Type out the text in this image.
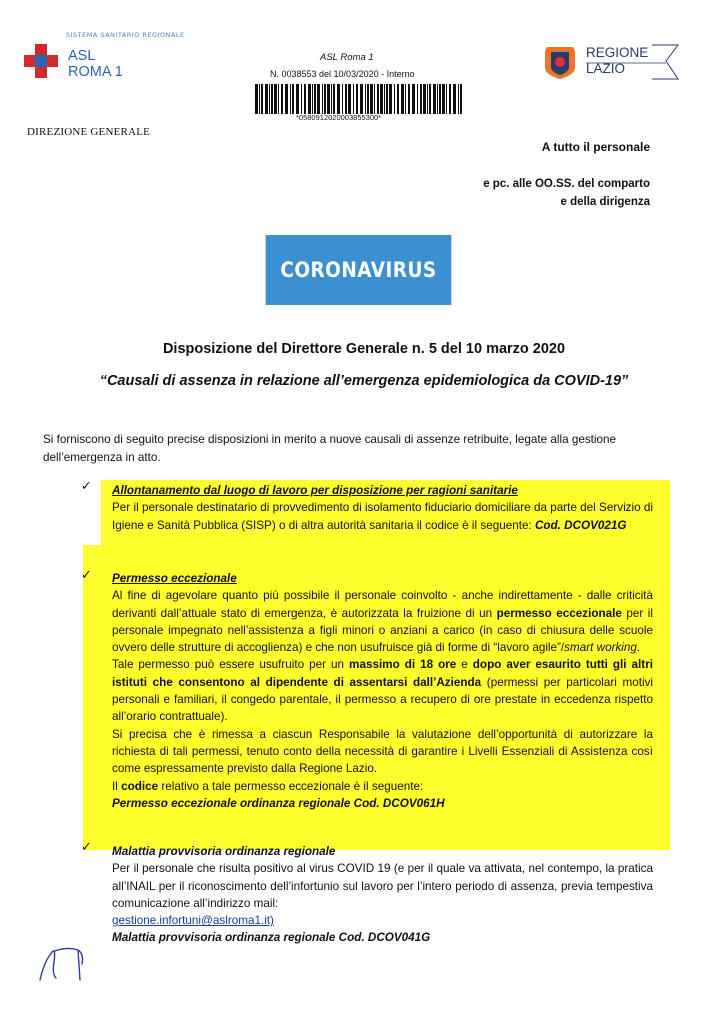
SISTEMA SANITARIO REGIONALE
ASL
ROMA 1
ASL Roma 1
N. 0038553 del 10/03/2020 - Interno
*0580912020003855300*
REGIONE
LAZIO
DIREZIONE GENERALE
A tutto il personale
e pc. alle OO.SS. del comparto
e della dirigenza
CORONAVIRUS
Disposizione del Direttore Generale n. 5 del 10 marzo 2020
“Causali di assenza in relazione all’emergenza epidemiologica da COVID-19”
Si forniscono di seguito precise disposizioni in merito a nuove causali di assenze retribuite, legate alla gestione dell’emergenza in atto.
✓
✓
✓
Allontanamento dal luogo di lavoro per disposizione per ragioni sanitarie

Per il personale destinatario di provvedimento di isolamento fiduciario domiciliare da parte del Servizio di Igiene e Sanità Pubblica (SISP) o di altra autorità sanitaria il codice è il seguente: Cod. DCOV021G

Permesso eccezionale

Al fine di agevolare quanto più possibile il personale coinvolto - anche indirettamente - dalle criticità derivanti dall’attuale stato di emergenza, è autorizzata la fruizione di un permesso eccezionale per il personale impegnato nell’assistenza a figli minori o anziani a carico (in caso di chiusura delle scuole ovvero delle strutture di accoglienza) e che non usufruisce già di forme di “lavoro agile”/smart working.

Tale permesso può essere usufruito per un massimo di 18 ore e dopo aver esaurito tutti gli altri istituti che consentono al dipendente di assentarsi dall’Azienda (permessi per particolari motivi personali e familiari, il congedo parentale, il permesso a recupero di ore prestate in eccedenza rispetto all’orario contrattuale).

Si precisa che è rimessa a ciascun Responsabile la valutazione dell’opportunità di autorizzare la richiesta di tali permessi, tenuto conto della necessità di garantire i Livelli Essenziali di Assistenza così come espressamente previsto dalla Regione Lazio.

Il codice relativo a tale permesso eccezionale è il seguente:

Permesso eccezionale ordinanza regionale Cod. DCOV061H

Malattia provvisoria ordinanza regionale

Per il personale che risulta positivo al virus COVID 19 (e per il quale va attivata, nel contempo, la pratica all’INAIL per il riconoscimento dell’infortunio sul lavoro per l’intero periodo di assenza, previa tempestiva comunicazione all’indirizzo mail:

gestione.infortuni@aslroma1.it)

Malattia provvisoria ordinanza regionale Cod. DCOV041G
